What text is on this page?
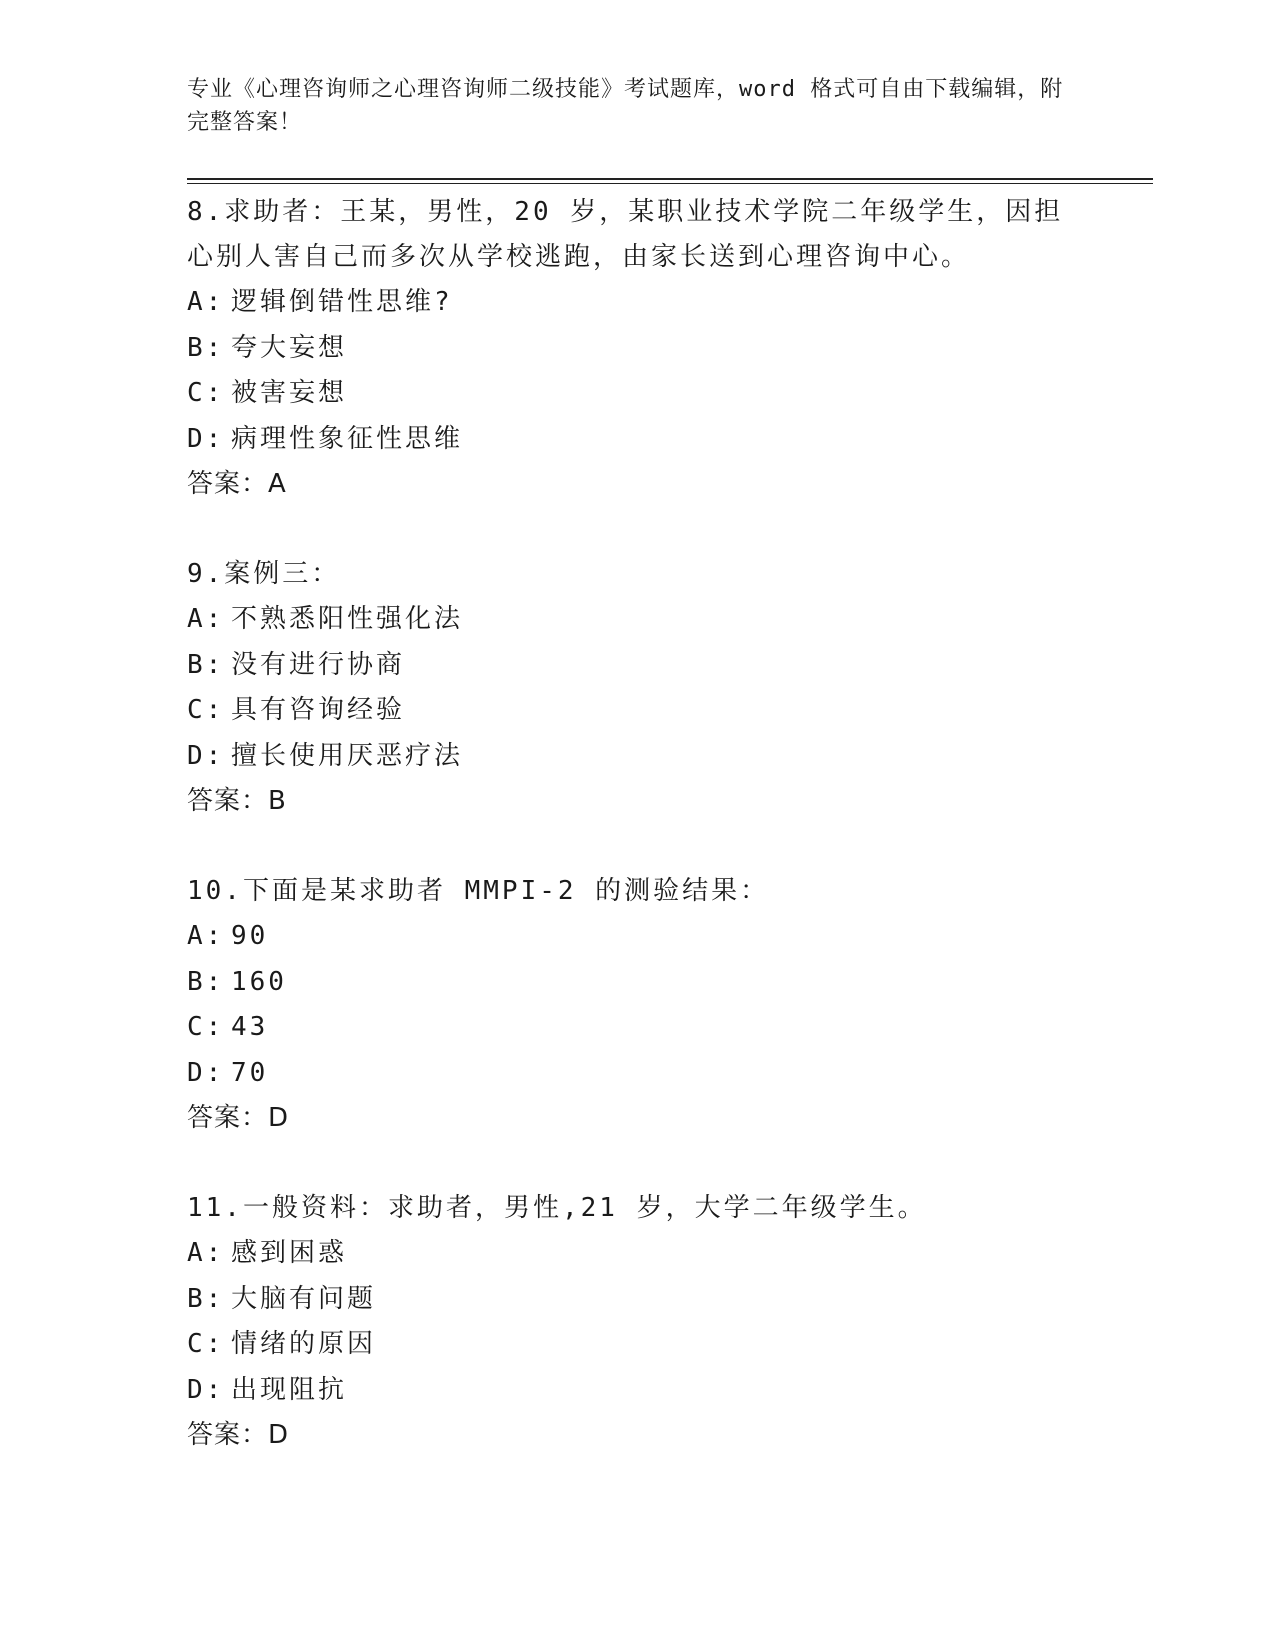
专业《心理咨询师之心理咨询师二级技能》考试题库，word 格式可自由下载编辑，附完整答案！
8.求助者：王某，男性，20 岁，某职业技术学院二年级学生，因担心别人害自己而多次从学校逃跑，由家长送到心理咨询中心。
A: 逻辑倒错性思维?
B: 夸大妄想
C: 被害妄想
D: 病理性象征性思维
答案：A
9.案例三：
A: 不熟悉阳性强化法
B: 没有进行协商
C: 具有咨询经验
D: 擅长使用厌恶疗法
答案：B
10.下面是某求助者 MMPI-2 的测验结果：
A: 90
B: 160
C: 43
D: 70
答案：D
11.一般资料：求助者，男性,21 岁，大学二年级学生。
A: 感到困惑
B: 大脑有问题
C: 情绪的原因
D: 出现阻抗
答案：D
